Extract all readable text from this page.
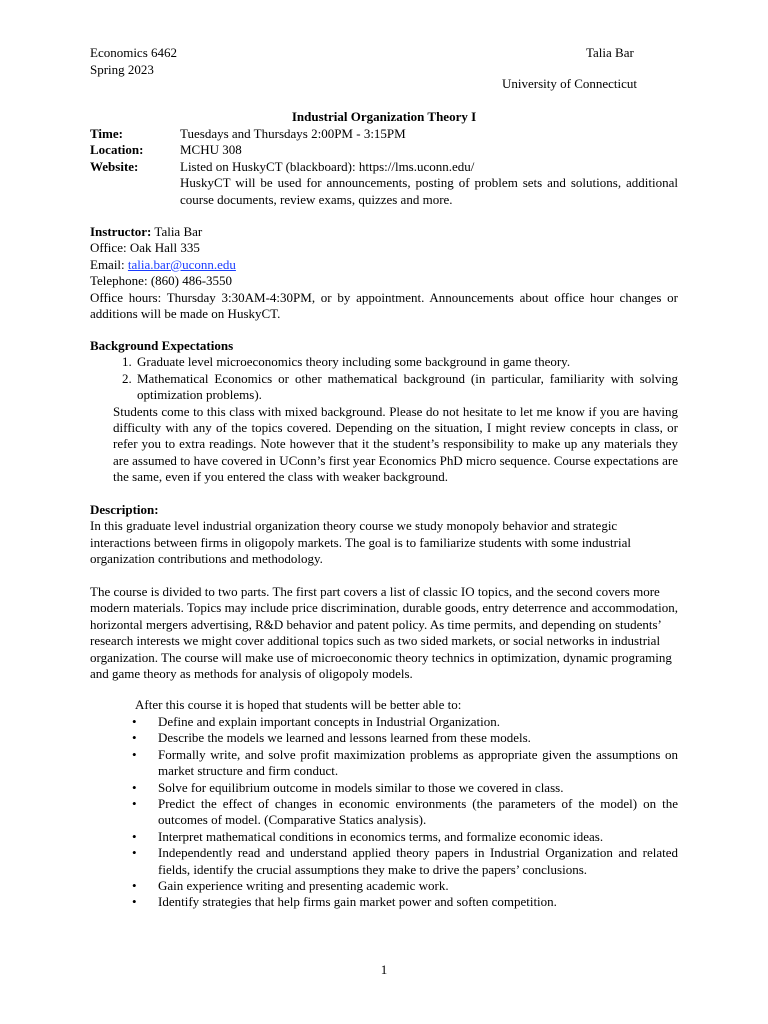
Economics 6462
Spring 2023
Talia Bar
University of Connecticut
Industrial Organization Theory I
Time:	Tuesdays and Thursdays 2:00PM - 3:15PM
Location:	MCHU 308
Website:	Listed on HuskyCT (blackboard): https://lms.uconn.edu/
HuskyCT will be used for announcements, posting of problem sets and solutions, additional course documents, review exams, quizzes and more.
Instructor: Talia Bar
Office: Oak Hall 335
Email: talia.bar@uconn.edu
Telephone: (860) 486-3550
Office hours: Thursday 3:30AM-4:30PM, or by appointment. Announcements about office hour changes or additions will be made on HuskyCT.
Background Expectations
1. Graduate level microeconomics theory including some background in game theory.
2. Mathematical Economics or other mathematical background (in particular, familiarity with solving optimization problems).
Students come to this class with mixed background. Please do not hesitate to let me know if you are having difficulty with any of the topics covered. Depending on the situation, I might review concepts in class, or refer you to extra readings. Note however that it the student’s responsibility to make up any materials they are assumed to have covered in UConn’s first year Economics PhD micro sequence. Course expectations are the same, even if you entered the class with weaker background.
Description:
In this graduate level industrial organization theory course we study monopoly behavior and strategic interactions between firms in oligopoly markets. The goal is to familiarize students with some industrial organization contributions and methodology.
The course is divided to two parts. The first part covers a list of classic IO topics, and the second covers more modern materials. Topics may include price discrimination, durable goods, entry deterrence and accommodation, horizontal mergers advertising, R&D behavior and patent policy. As time permits, and depending on students’ research interests we might cover additional topics such as two sided markets, or social networks in industrial organization. The course will make use of microeconomic theory technics in optimization, dynamic programing and game theory as methods for analysis of oligopoly models.
After this course it is hoped that students will be better able to:
• Define and explain important concepts in Industrial Organization.
• Describe the models we learned and lessons learned from these models.
• Formally write, and solve profit maximization problems as appropriate given the assumptions on market structure and firm conduct.
• Solve for equilibrium outcome in models similar to those we covered in class.
• Predict the effect of changes in economic environments (the parameters of the model) on the outcomes of model. (Comparative Statics analysis).
• Interpret mathematical conditions in economics terms, and formalize economic ideas.
• Independently read and understand applied theory papers in Industrial Organization and related fields, identify the crucial assumptions they make to drive the papers’ conclusions.
• Gain experience writing and presenting academic work.
• Identify strategies that help firms gain market power and soften competition.
1
